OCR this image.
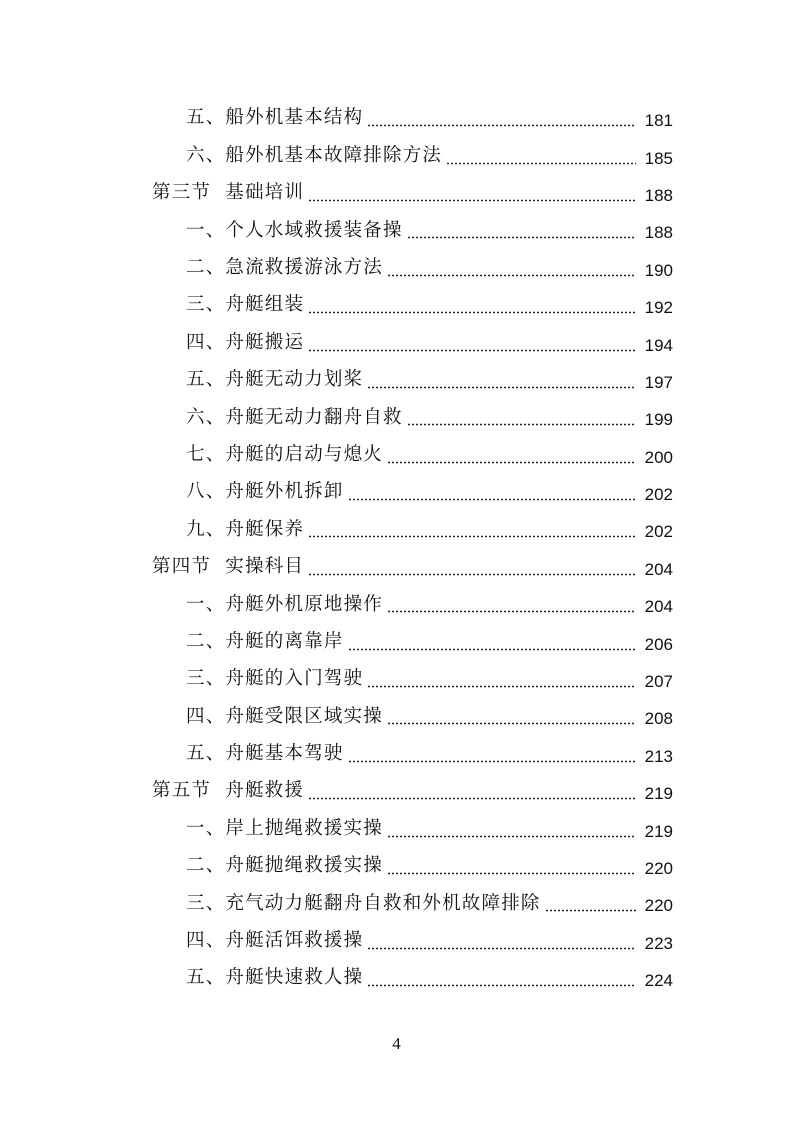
五、船外机基本结构	181
六、船外机基本故障排除方法	185
第三节  基础培训	188
一、个人水域救援装备操	188
二、急流救援游泳方法	190
三、舟艇组装	192
四、舟艇搬运	194
五、舟艇无动力划桨	197
六、舟艇无动力翻舟自救	199
七、舟艇的启动与熄火	200
八、舟艇外机拆卸	202
九、舟艇保养	202
第四节  实操科目	204
一、舟艇外机原地操作	204
二、舟艇的离靠岸	206
三、舟艇的入门驾驶	207
四、舟艇受限区域实操	208
五、舟艇基本驾驶	213
第五节  舟艇救援	219
一、岸上抛绳救援实操	219
二、舟艇抛绳救援实操	220
三、充气动力艇翻舟自救和外机故障排除	220
四、舟艇活饵救援操	223
五、舟艇快速救人操	224
4
